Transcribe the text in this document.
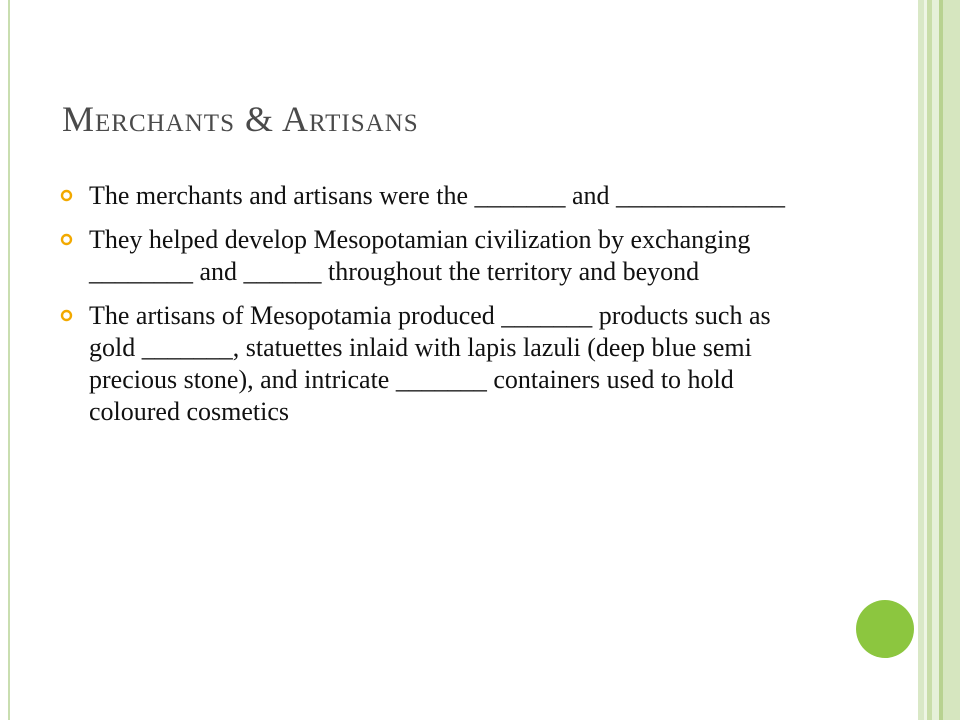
Merchants & Artisans
The merchants and artisans were the _______ and _____________
They helped develop Mesopotamian civilization by exchanging ________ and ______ throughout the territory and beyond
The artisans of Mesopotamia produced _______ products such as gold _______, statuettes inlaid with lapis lazuli (deep blue semi precious stone), and intricate _______ containers used to hold coloured cosmetics
